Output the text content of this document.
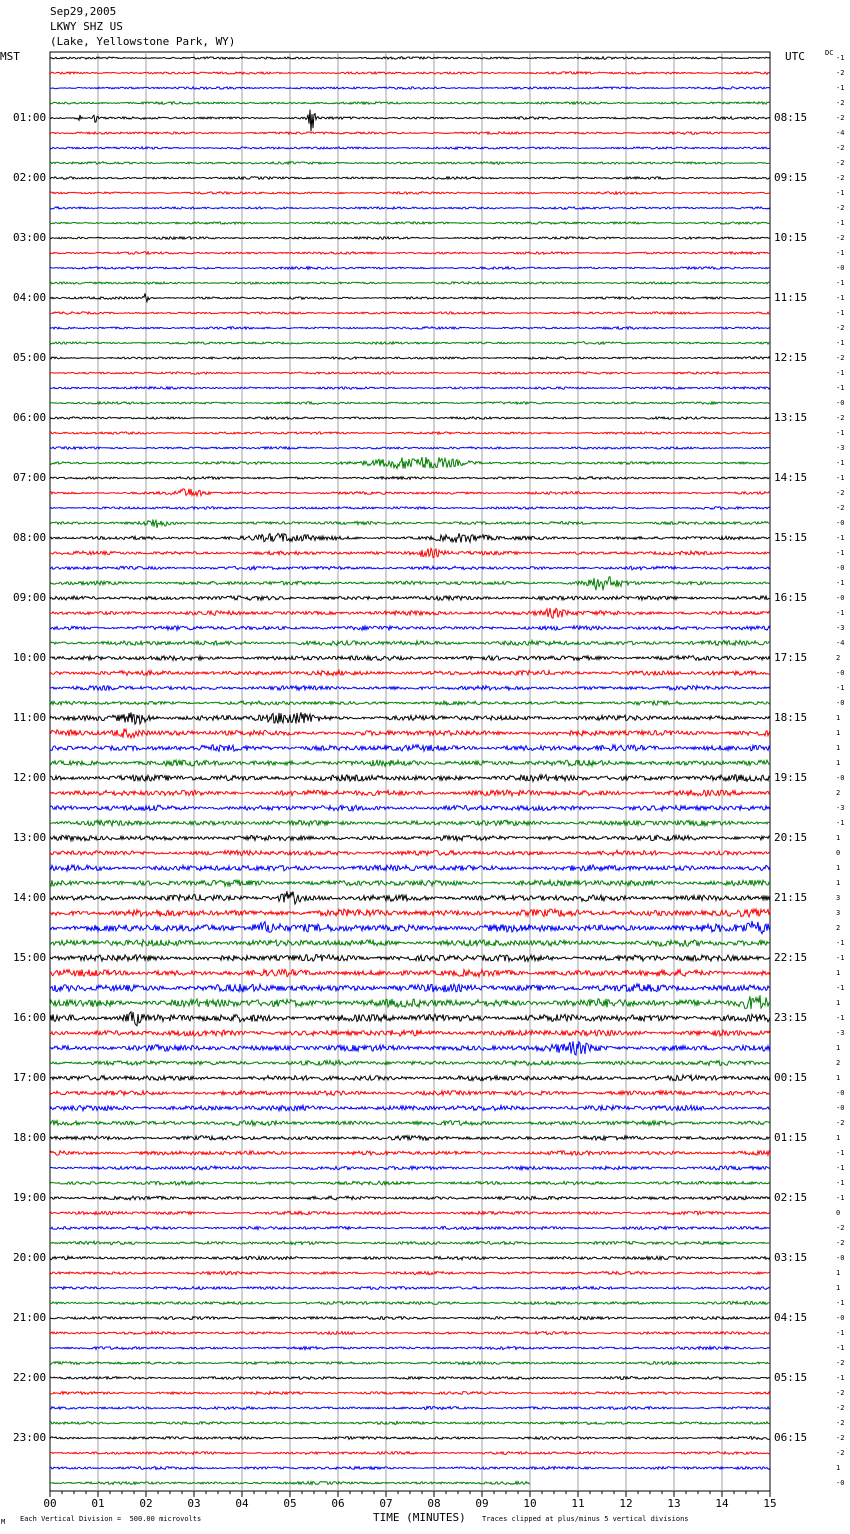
Sep29,2005
LKWY SHZ US
(Lake, Yellowstone Park, WY)
MST	UTC	DC
00	01	02	03	04	05	06	07	08	09	10	11	12	13	14	15
01:00
02:00
03:00
04:00
05:00
06:00
07:00
08:00
09:00
10:00
11:00
12:00
13:00
14:00
15:00
16:00
17:00
18:00
19:00
20:00
21:00
22:00
23:00
08:15
09:15
10:15
11:15
12:15
13:15
14:15
15:15
16:15
17:15
18:15
19:15
20:15
21:15
22:15
23:15
00:15
01:15
02:15
03:15
04:15
05:15
06:15
-1
-2
-1
-2
-2
-4
-2
-2
-2
-1
-2
-1
-2
-1
-0
-1
-1
-1
-2
-1
-2
-1
-1
-0
-2
-1
-3
-1
-1
-2
-2
-0
-1
-1
-0
-1
-0
-1
-3
-4
2
-0
-1
-0
1
1
1
1
-0
2
-3
-1
1
0
1
1
3
3
2
-1
-1
1
-1
1
-1
-3
1
2
1
-0
-0
-2
1
-1
-1
-1
-1
0
-2
-2
-0
1
1
-1
-0
-1
-1
-2
-1
-2
-2
-2
-2
-2
1
-0
TIME (MINUTES)
Each Vertical Division =  500.00 microvolts	Traces clipped at plus/minus 5 vertical divisions
M
